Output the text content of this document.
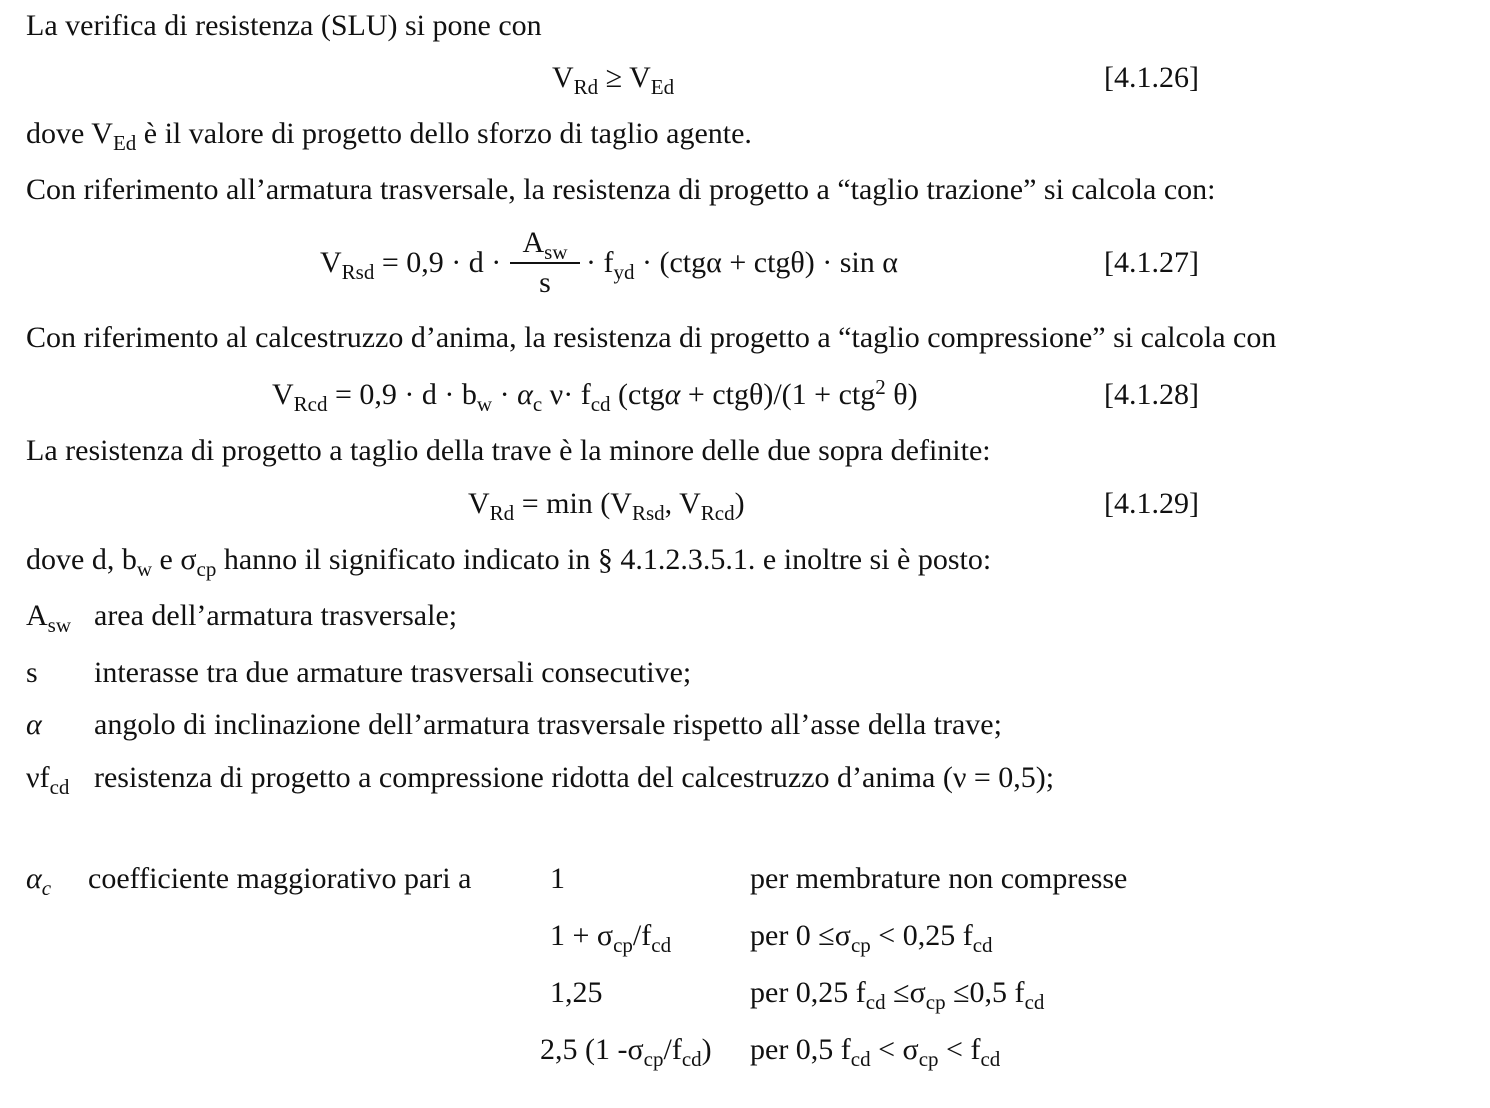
La verifica di resistenza (SLU) si pone con
$V_{Rd} \ge V_{Ed}$	[4.1.26]
dove $V_{Ed}$ è il valore di progetto dello sforzo di taglio agente.
Con riferimento all’armatura trasversale, la resistenza di progetto a “taglio trazione” si calcola con:
$V_{Rsd} = 0,9 \cdot d$ ·
$A_{sw}$
s
· $f_{yd} \cdot (ctg\alpha + ctg\theta) \cdot \sin \alpha$	[4.1.27]
Con riferimento al calcestruzzo d’anima, la resistenza di progetto a “taglio compressione” si calcola con
$V_{Rcd} = 0,9 \cdot d \cdot b_w \cdot \alpha_c$ $\nu\cdot f_{cd}$ (ctgα + ctgθ)/(1 + ctg$^2$ θ)	[4.1.28]
La resistenza di progetto a taglio della trave è la minore delle due sopra definite:
$V_{Rd} = \min (V_{Rsd}$, $V_{Rcd}$)	[4.1.29]
dove d, $b_w$ e $\sigma_{cp}$ hanno il significato indicato in § 4.1.2.3.5.1. e inoltre si è posto:
$A_{sw}$ area dell’armatura trasversale;
s interasse tra due armature trasversali consecutive;
α angolo di inclinazione dell’armatura trasversale rispetto all’asse della trave;
$\nu f_{cd}$ resistenza di progetto a compressione ridotta del calcestruzzo d’anima (ν = 0,5);
$\alpha_c$ coefficiente maggiorativo pari a	1	per membrature non compresse
$1 + \sigma_{cp}/f_{cd}$	per $0 \le\sigma_{cp} < 0,25$ $f_{cd}$
1,25	per 0,25 $f_{cd} \le\sigma_{cp} \le 0,5$ $f_{cd}$
2,5 (1 $-\sigma_{cp}/f_{cd}$) per 0,5 $f_{cd} < \sigma_{cp} < f_{cd}$
